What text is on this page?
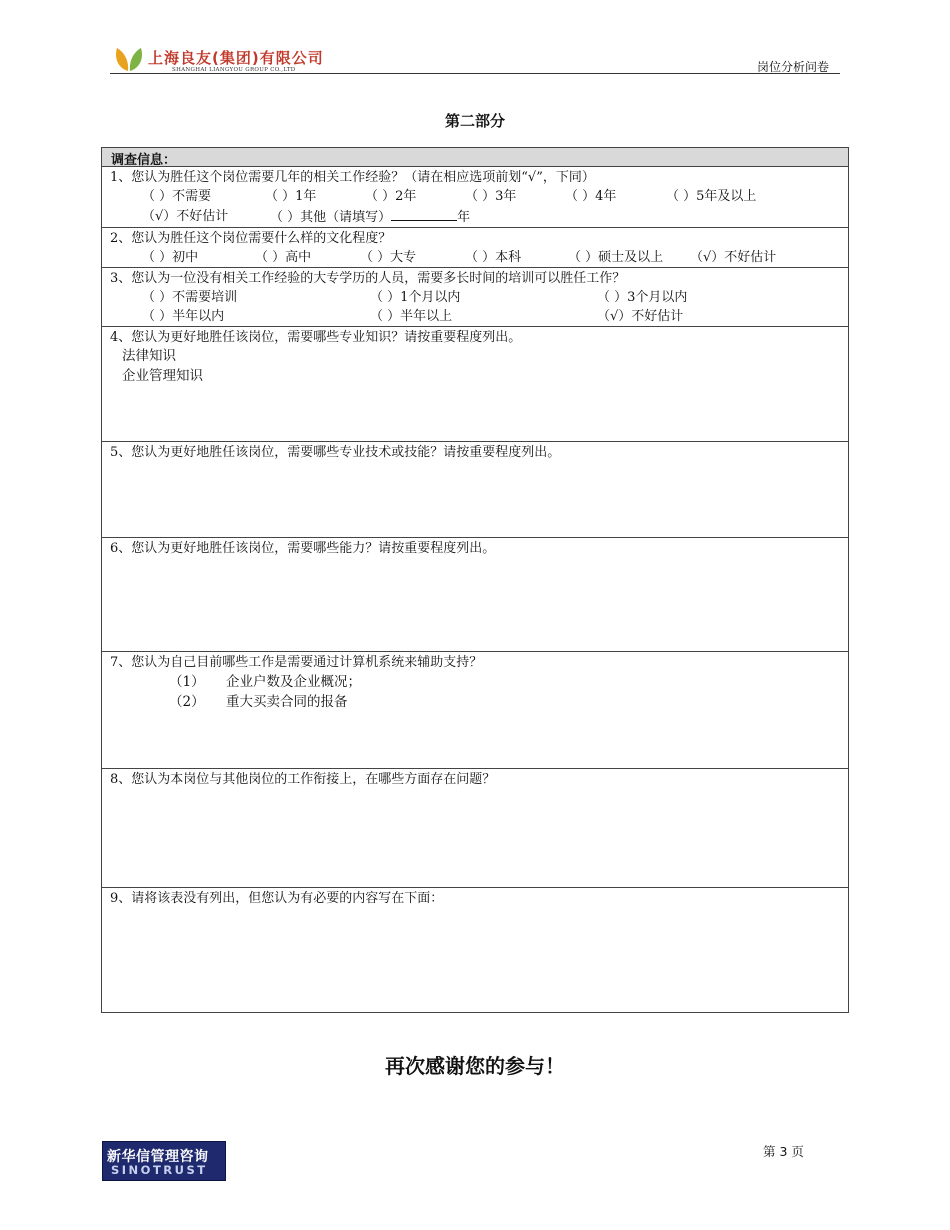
上海良友(集团)有限公司
SHANGHAI LIANGYOU GROUP CO.,LTD	岗位分析问卷
第二部分
调查信息：
1、您认为胜任这个岗位需要几年的相关工作经验？（请在相应选项前划“√”，下同）
（ ）不需要	（ ）1年	（ ）2年	（ ）3年	（ ）4年	（ ）5年及以上
（√）不好估计	（ ）其他（请填写）	年
2、您认为胜任这个岗位需要什么样的文化程度？
（ ）初中	（ ）高中	（ ）大专	（ ）本科	（ ）硕士及以上 （√）不好估计
3、您认为一位没有相关工作经验的大专学历的人员，需要多长时间的培训可以胜任工作？
（ ）不需要培训	（ ）1个月以内	（ ）3个月以内
（ ）半年以内	（ ）半年以上	（√）不好估计
4、您认为更好地胜任该岗位，需要哪些专业知识？请按重要程度列出。
法律知识
企业管理知识
5、您认为更好地胜任该岗位，需要哪些专业技术或技能？请按重要程度列出。
6、您认为更好地胜任该岗位，需要哪些能力？请按重要程度列出。
7、您认为自己目前哪些工作是需要通过计算机系统来辅助支持？
（1） 企业户数及企业概况；
（2） 重大买卖合同的报备
8、您认为本岗位与其他岗位的工作衔接上，在哪些方面存在问题？
9、请将该表没有列出，但您认为有必要的内容写在下面：
再次感谢您的参与！
新华信管理咨询
SINOTRUST
第 3 页
